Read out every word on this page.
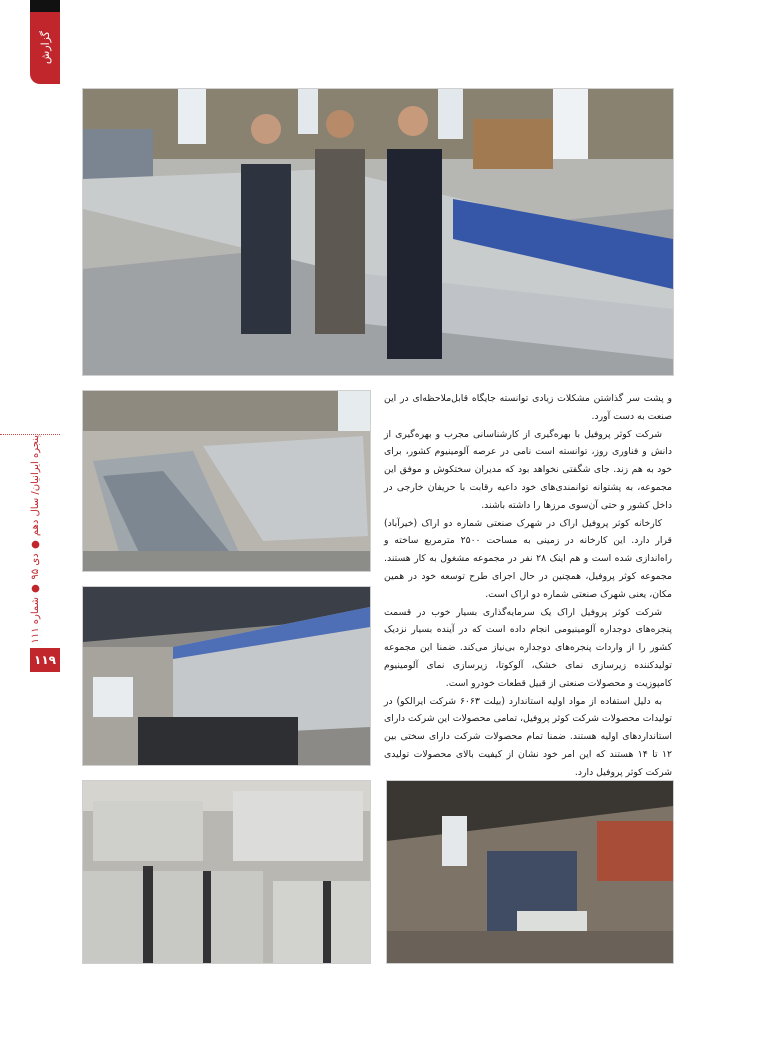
گزارش
پنجره ایرانیان/ سال دهم ● دی ۹۵ ● شماره ۱۱۱
۱۱۹

و پشت سر گذاشتن مشکلات زیادی توانسته جایگاه قابل‌ملاحظه‌ای در این صنعت به دست آورد.

شرکت کوثر پروفیل با بهره‌گیری از کارشناسانی مجرب و بهره‌گیری از دانش و فناوری روز، توانسته است نامی در عرصه آلومینیوم کشور، برای خود به هم زند. جای شگفتی نخواهد بود که مدیران سختکوش و موفق این مجموعه، به پشتوانه توانمندی‌های خود داعیه رقابت با حریفان خارجی در داخل کشور و حتی آن‌سوی مرزها را داشته باشند.

کارخانه کوثر پروفیل اراک در شهرک صنعتی شماره دو اراک (خیرآباد) قرار دارد. این کارخانه در زمینی به مساحت ۲۵۰۰ مترمربع ساخته و راه‌اندازی شده است و هم اینک ۲۸ نفر در مجموعه مشغول به کار هستند. مجموعه کوثر پروفیل، همچنین در حال اجرای طرح توسعه خود در همین مکان، یعنی شهرک صنعتی شماره دو اراک است.

شرکت کوثر پروفیل اراک یک سرمایه‌گذاری بسیار خوب در قسمت پنجره‌های دوجداره آلومینیومی انجام داده است که در آینده بسیار نزدیک کشور را از واردات پنجره‌های دوجداره بی‌نیاز می‌کند. ضمنا این مجموعه تولیدکننده زیرسازی نمای خشک، آلوکوتا، زیرسازی نمای آلومینیوم کامپوزیت و محصولات صنعتی از قبیل قطعات خودرو است.

به دلیل استفاده از مواد اولیه استاندارد (بیلت ۶۰۶۳ شرکت ایرالکو) در تولیدات محصولات شرکت کوثر پروفیل، تمامی محصولات این شرکت دارای استانداردهای اولیه هستند. ضمنا تمام محصولات شرکت دارای سختی بین ۱۲ تا ۱۴ هستند که این امر خود نشان از کیفیت بالای محصولات تولیدی شرکت کوثر پروفیل دارد.
